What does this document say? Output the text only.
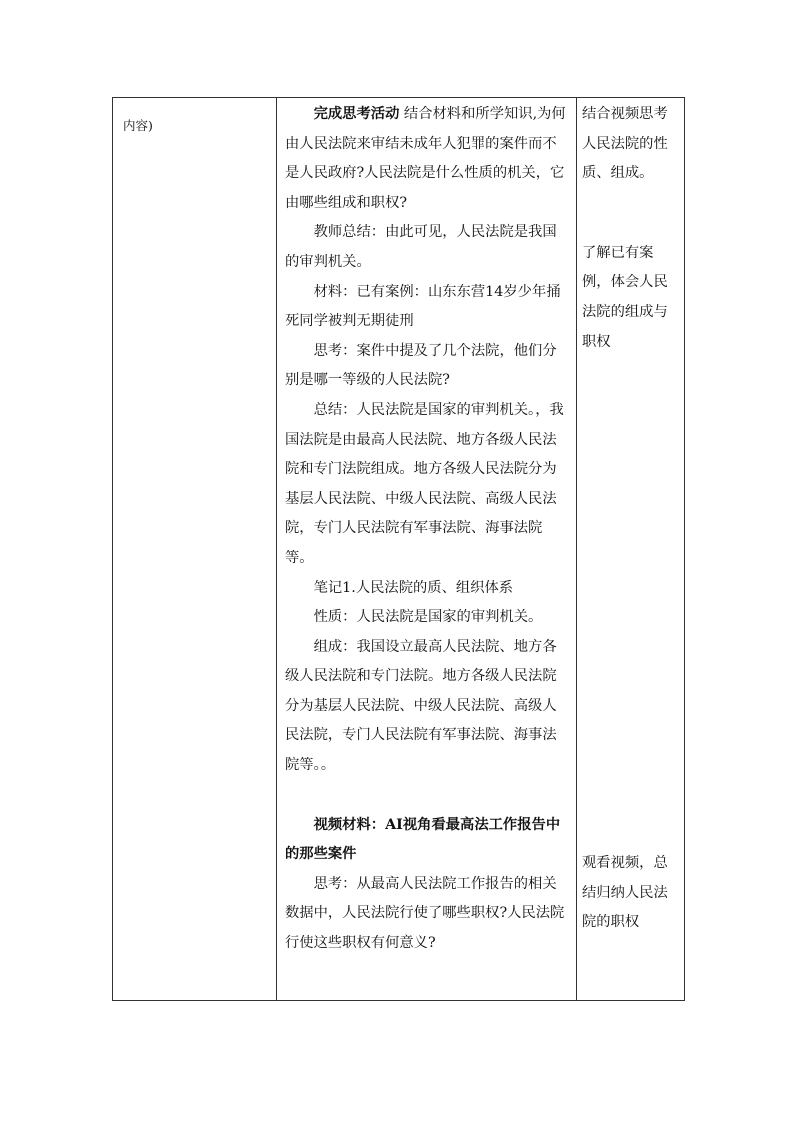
内容)

完成思考活动 结合材料和所学知识,为何由人民法院来审结未成年人犯罪的案件而不是人民政府?人民法院是什么性质的机关，它由哪些组成和职权?

教师总结：由此可见，人民法院是我国的审判机关。

材料：已有案例：山东东营14岁少年捅死同学被判无期徒刑

思考：案件中提及了几个法院，他们分别是哪一等级的人民法院?

总结：人民法院是国家的审判机关。，我国法院是由最高人民法院、地方各级人民法院和专门法院组成。地方各级人民法院分为基层人民法院、中级人民法院、高级人民法院，专门人民法院有军事法院、海事法院等。

笔记1.人民法院的质、组织体系

性质：人民法院是国家的审判机关。

组成：我国设立最高人民法院、地方各级人民法院和专门法院。地方各级人民法院分为基层人民法院、中级人民法院、高级人民法院，专门人民法院有军事法院、海事法院等。。

视频材料：AI视角看最高法工作报告中的那些案件

思考：从最高人民法院工作报告的相关数据中，人民法院行使了哪些职权?人民法院行使这些职权有何意义?

结合视频思考人民法院的性质、组成。

了解已有案例，体会人民法院的组成与职权

观看视频，总结归纳人民法院的职权
